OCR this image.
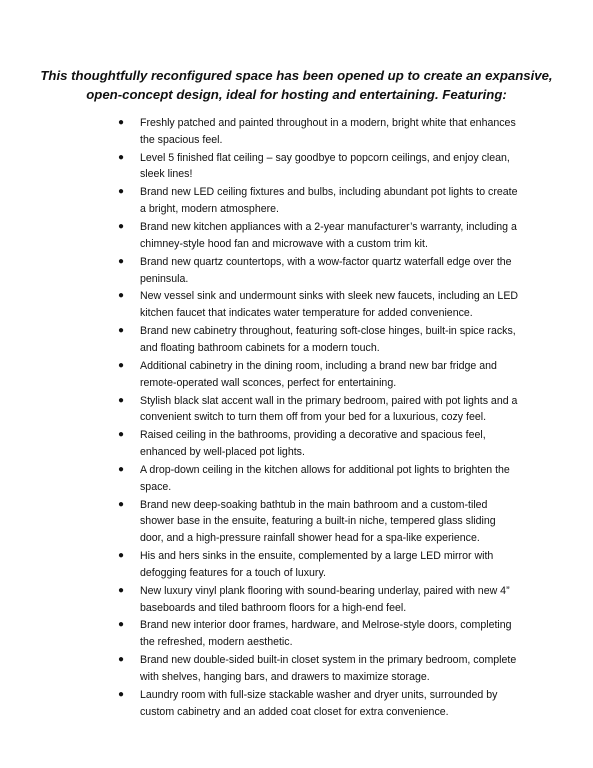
This thoughtfully reconfigured space has been opened up to create an expansive,
open-concept design, ideal for hosting and entertaining. Featuring:

● Freshly patched and painted throughout in a modern, bright white that enhances
the spacious feel.
● Level 5 finished flat ceiling – say goodbye to popcorn ceilings, and enjoy clean,
sleek lines!
● Brand new LED ceiling fixtures and bulbs, including abundant pot lights to create
a bright, modern atmosphere.
● Brand new kitchen appliances with a 2-year manufacturer’s warranty, including a
chimney-style hood fan and microwave with a custom trim kit.
● Brand new quartz countertops, with a wow-factor quartz waterfall edge over the
peninsula.
● New vessel sink and undermount sinks with sleek new faucets, including an LED
kitchen faucet that indicates water temperature for added convenience.
● Brand new cabinetry throughout, featuring soft-close hinges, built-in spice racks,
and floating bathroom cabinets for a modern touch.
● Additional cabinetry in the dining room, including a brand new bar fridge and
remote-operated wall sconces, perfect for entertaining.
● Stylish black slat accent wall in the primary bedroom, paired with pot lights and a
convenient switch to turn them off from your bed for a luxurious, cozy feel.
● Raised ceiling in the bathrooms, providing a decorative and spacious feel,
enhanced by well-placed pot lights.
● A drop-down ceiling in the kitchen allows for additional pot lights to brighten the
space.
● Brand new deep-soaking bathtub in the main bathroom and a custom-tiled
shower base in the ensuite, featuring a built-in niche, tempered glass sliding
door, and a high-pressure rainfall shower head for a spa-like experience.
● His and hers sinks in the ensuite, complemented by a large LED mirror with
defogging features for a touch of luxury.
● New luxury vinyl plank flooring with sound-bearing underlay, paired with new 4”
baseboards and tiled bathroom floors for a high-end feel.
● Brand new interior door frames, hardware, and Melrose-style doors, completing
the refreshed, modern aesthetic.
● Brand new double-sided built-in closet system in the primary bedroom, complete
with shelves, hanging bars, and drawers to maximize storage.
● Laundry room with full-size stackable washer and dryer units, surrounded by
custom cabinetry and an added coat closet for extra convenience.
